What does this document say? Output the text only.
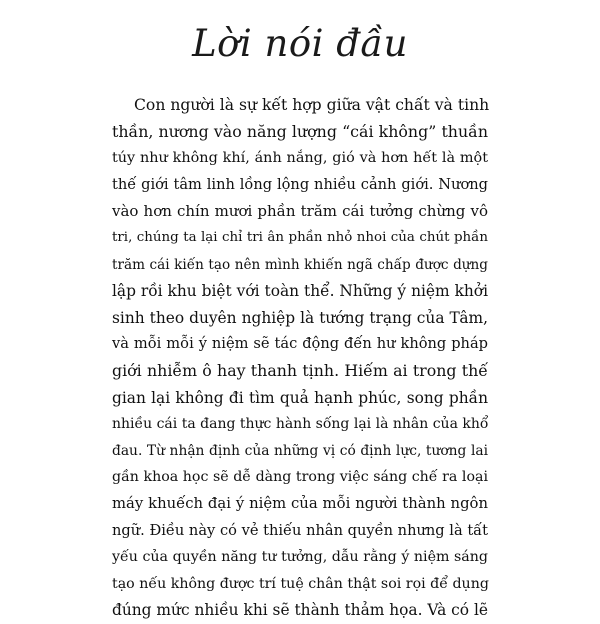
Lời nói đầu
Con người là sự kết hợp giữa vật chất và tinh
thần, nương vào năng lượng “cái không” thuần
túy như không khí, ánh nắng, gió và hơn hết là một
thế giới tâm linh lồng lộng nhiều cảnh giới. Nương
vào hơn chín mươi phần trăm cái tưởng chừng vô
tri, chúng ta lại chỉ tri ân phần nhỏ nhoi của chút phần
trăm cái kiến tạo nên mình khiến ngã chấp được dựng
lập rồi khu biệt với toàn thể. Những ý niệm khởi
sinh theo duyên nghiệp là tướng trạng của Tâm,
và mỗi mỗi ý niệm sẽ tác động đến hư không pháp
giới nhiễm ô hay thanh tịnh. Hiếm ai trong thế
gian lại không đi tìm quả hạnh phúc, song phần
nhiều cái ta đang thực hành sống lại là nhân của khổ
đau. Từ nhận định của những vị có định lực, tương lai
gần khoa học sẽ dễ dàng trong việc sáng chế ra loại
máy khuếch đại ý niệm của mỗi người thành ngôn
ngữ. Điều này có vẻ thiếu nhân quyền nhưng là tất
yếu của quyền năng tư tưởng, dẫu rằng ý niệm sáng
tạo nếu không được trí tuệ chân thật soi rọi để dụng
đúng mức nhiều khi sẽ thành thảm họa. Và có lẽ
